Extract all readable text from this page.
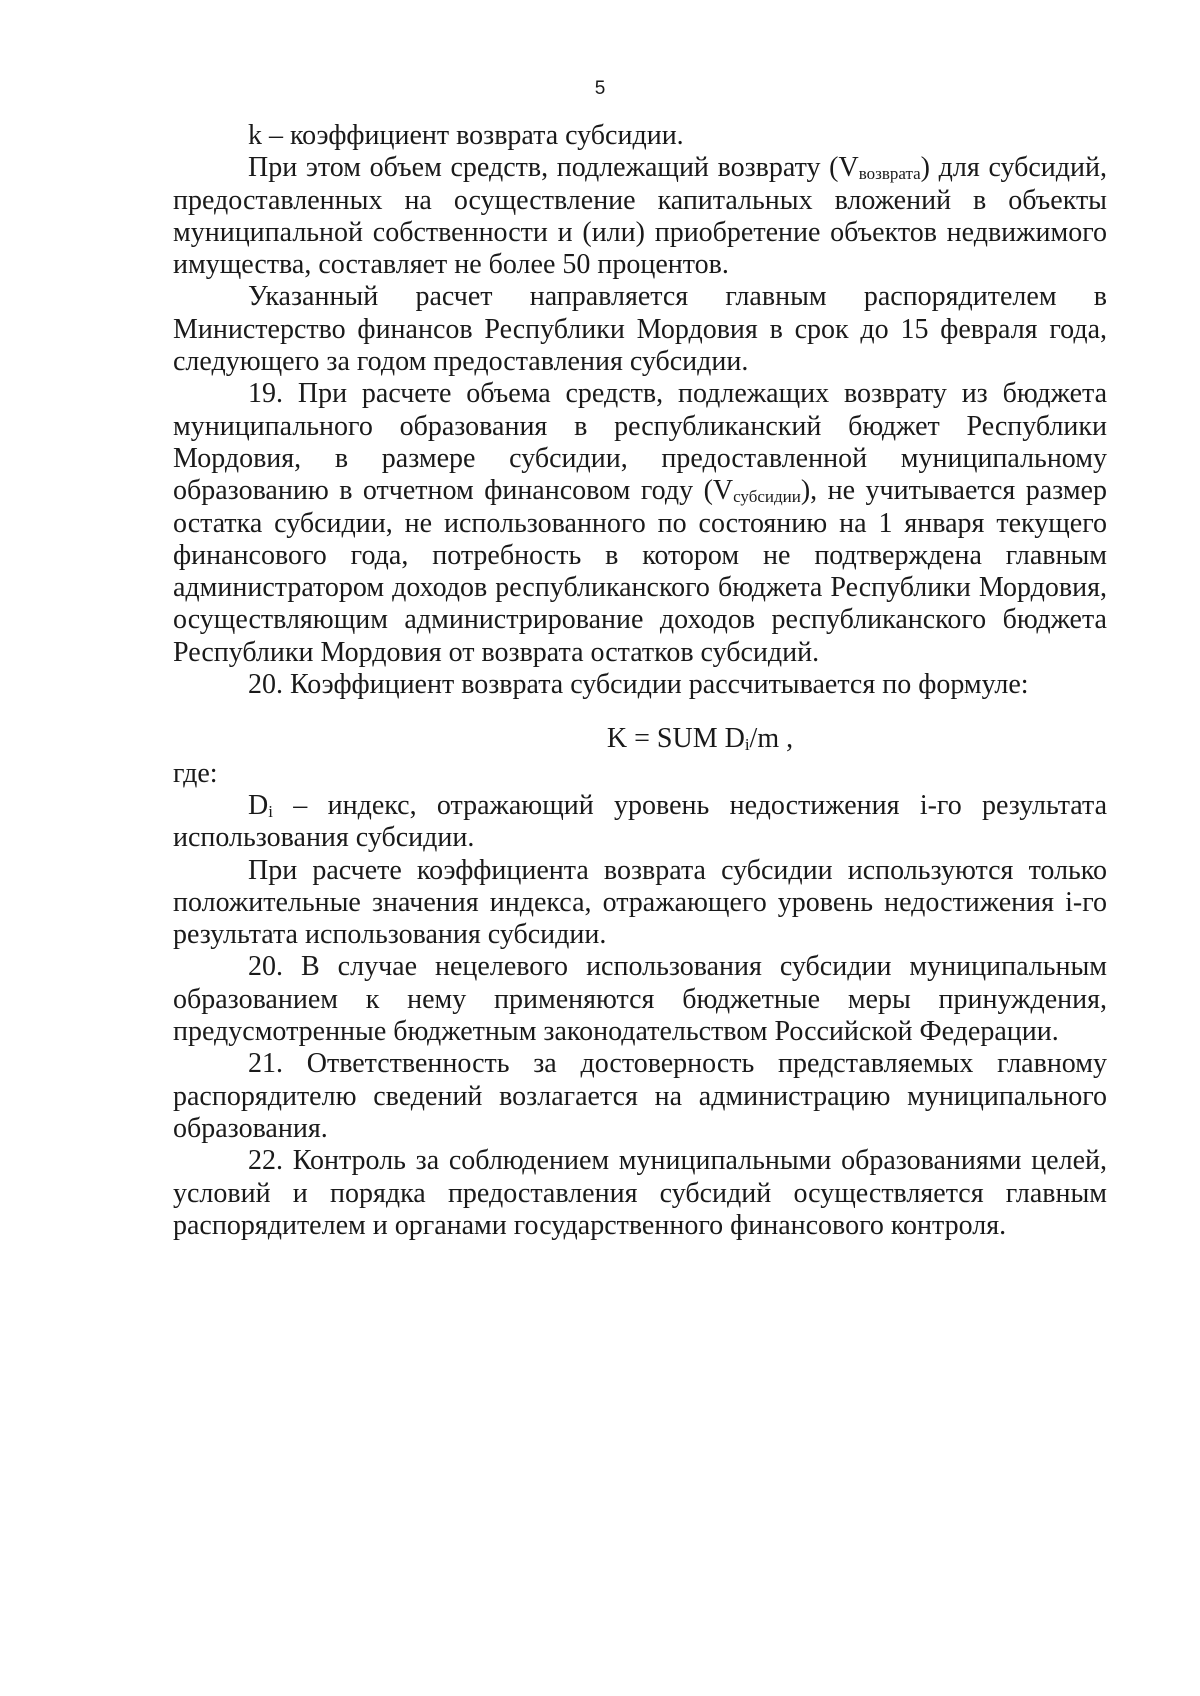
5

k – коэффициент возврата субсидии.

При этом объем средств, подлежащий возврату $(V_{возврата})$ для субсидий, предоставленных на осуществление капитальных вложений в объекты муниципальной собственности и (или) приобретение объектов недвижимого имущества, составляет не более 50 процентов.

Указанный расчет направляется главным распорядителем в Министерство финансов Республики Мордовия в срок до 15 февраля года, следующего за годом предоставления субсидии.

19. При расчете объема средств, подлежащих возврату из бюджета муниципального образования в республиканский бюджет Республики Мордовия, в размере субсидии, предоставленной муниципальному образованию в отчетном финансовом году $(V_{субсидии})$, не учитывается размер остатка субсидии, не использованного по состоянию на 1 января текущего финансового года, потребность в котором не подтверждена главным администратором доходов республиканского бюджета Республики Мордовия, осуществляющим администрирование доходов республиканского бюджета Республики Мордовия от возврата остатков субсидий.

20. Коэффициент возврата субсидии рассчитывается по формуле:

K = SUM $D_i/m$ ,

где:

$D_i$ – индекс, отражающий уровень недостижения i-го результата использования субсидии.

При расчете коэффициента возврата субсидии используются только положительные значения индекса, отражающего уровень недостижения i-го результата использования субсидии.

20. В случае нецелевого использования субсидии муниципальным образованием к нему применяются бюджетные меры принуждения, предусмотренные бюджетным законодательством Российской Федерации.

21. Ответственность за достоверность представляемых главному распорядителю сведений возлагается на администрацию муниципального образования.

22. Контроль за соблюдением муниципальными образованиями целей, условий и порядка предоставления субсидий осуществляется главным распорядителем и органами государственного финансового контроля.
